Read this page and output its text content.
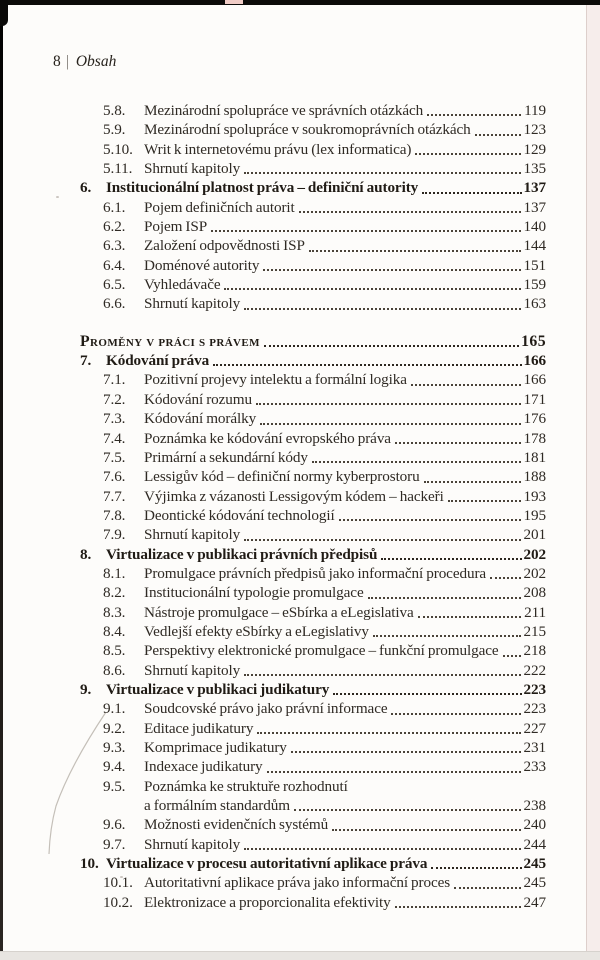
8 | Obsah
5.8.	Mezinárodní spolupráce ve správních otázkách	119
5.9.	Mezinárodní spolupráce v soukromoprávních otázkách	123
5.10. Writ k internetovému právu (lex informatica)	129
5.11. Shrnutí kapitoly	135
6. Institucionální platnost práva – definiční autority	137
6.1.	Pojem definičních autorit	137
6.2.	Pojem ISP	140
6.3.	Založení odpovědnosti ISP	144
6.4.	Doménové autority	151
6.5.	Vyhledávače	159
6.6.	Shrnutí kapitoly	163
Proměny v práci s právem	165
7. Kódování práva	166
7.1.	Pozitivní projevy intelektu a formální logika	166
7.2.	Kódování rozumu	171
7.3.	Kódování morálky	176
7.4.	Poznámka ke kódování evropského práva	178
7.5.	Primární a sekundární kódy	181
7.6.	Lessigův kód – definiční normy kyberprostoru	188
7.7.	Výjimka z vázanosti Lessigovým kódem – hackeři	193
7.8.	Deontické kódování technologií	195
7.9.	Shrnutí kapitoly	201
8. Virtualizace v publikaci právních předpisů	202
8.1.	Promulgace právních předpisů jako informační procedura 202
8.2.	Institucionální typologie promulgace	208
8.3.	Nástroje promulgace – eSbírka a eLegislativa	211
8.4.	Vedlejší efekty eSbírky a eLegislativy	215
8.5.	Perspektivy elektronické promulgace – funkční promulgace 218
8.6.	Shrnutí kapitoly	222
9. Virtualizace v publikaci judikatury	223
9.1.	Soudcovské právo jako právní informace	223
9.2.	Editace judikatury	227
9.3.	Komprimace judikatury	231
9.4.	Indexace judikatury	233
9.5.	Poznámka ke struktuře rozhodnutí
a formálním standardům	238
9.6.	Možnosti evidenčních systémů	240
9.7.	Shrnutí kapitoly	244
10. Virtualizace v procesu autoritativní aplikace práva	245
10.1. Autoritativní aplikace práva jako informační proces	245
10.2. Elektronizace a proporcionalita efektivity	247
